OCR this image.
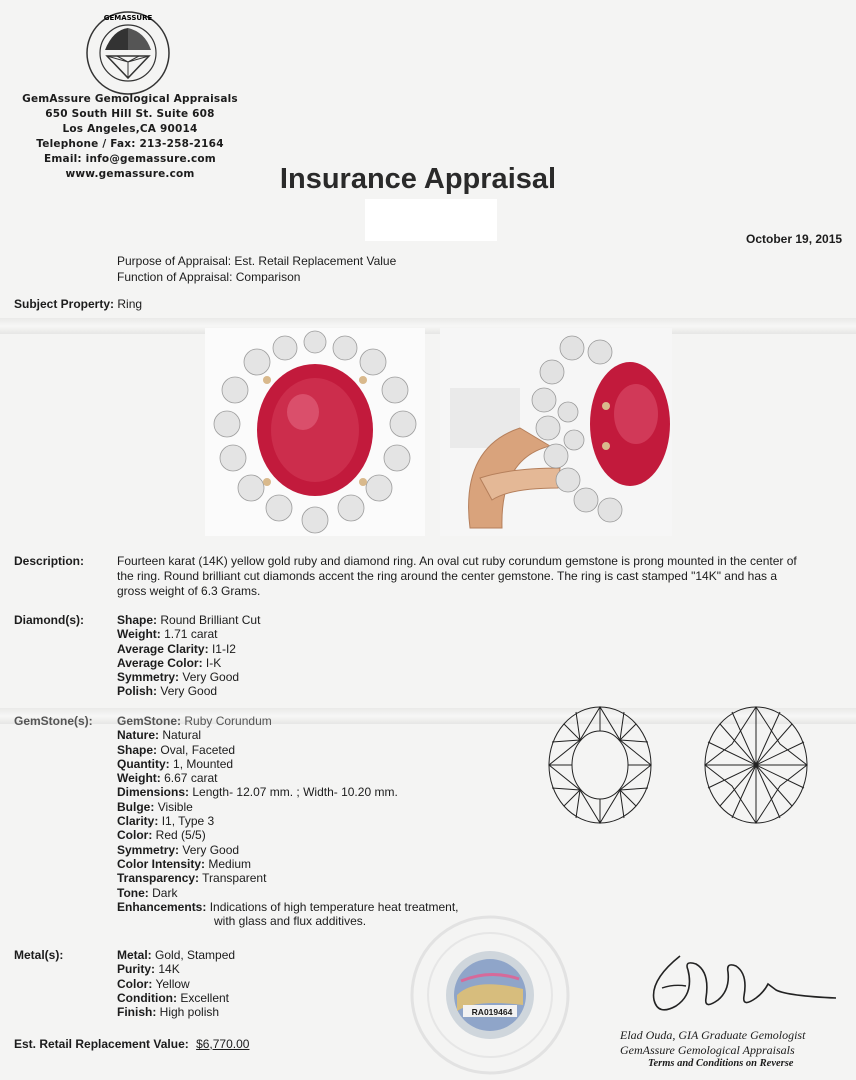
GEMASSURE
GemAssure Gemological Appraisals
650 South Hill St. Suite 608
Los Angeles,CA 90014
Telephone / Fax: 213-258-2164
Email: info@gemassure.com
www.gemassure.com	Insurance Appraisal
October 19, 2015
Purpose of Appraisal: Est. Retail Replacement Value
Function of Appraisal: Comparison
Subject Property: Ring
Description:	Fourteen karat (14K) yellow gold ruby and diamond ring. An oval cut ruby corundum gemstone is prong mounted in the center of
the ring. Round brilliant cut diamonds accent the ring around the center gemstone. The ring is cast stamped "14K" and has a
gross weight of 6.3 Grams.
Diamond(s):	Shape: Round Brilliant Cut
Weight: 1.71 carat
Average Clarity: I1-I2
Average Color: I-K
Symmetry: Very Good
Polish: Very Good
GemStone(s): GemStone: Ruby Corundum
Nature: Natural
Shape: Oval, Faceted
Quantity: 1, Mounted
Weight: 6.67 carat
Dimensions: Length- 12.07 mm. ; Width- 10.20 mm.
Bulge: Visible
Clarity: I1, Type 3
Color: Red (5/5)
Symmetry: Very Good
Color Intensity: Medium
Transparency: Transparent
Tone: Dark
Enhancements: Indications of high temperature heat treatment,
with glass and flux additives.
Metal(s):	Metal: Gold, Stamped
Purity: 14K
Color: Yellow
Condition: Excellent
Finish: High polish
Est. Retail Replacement Value: $6,770.00
RA019464
Elad Ouda, GIA Graduate Gemologist
GemAssure Gemological Appraisals
Terms and Conditions on Reverse
